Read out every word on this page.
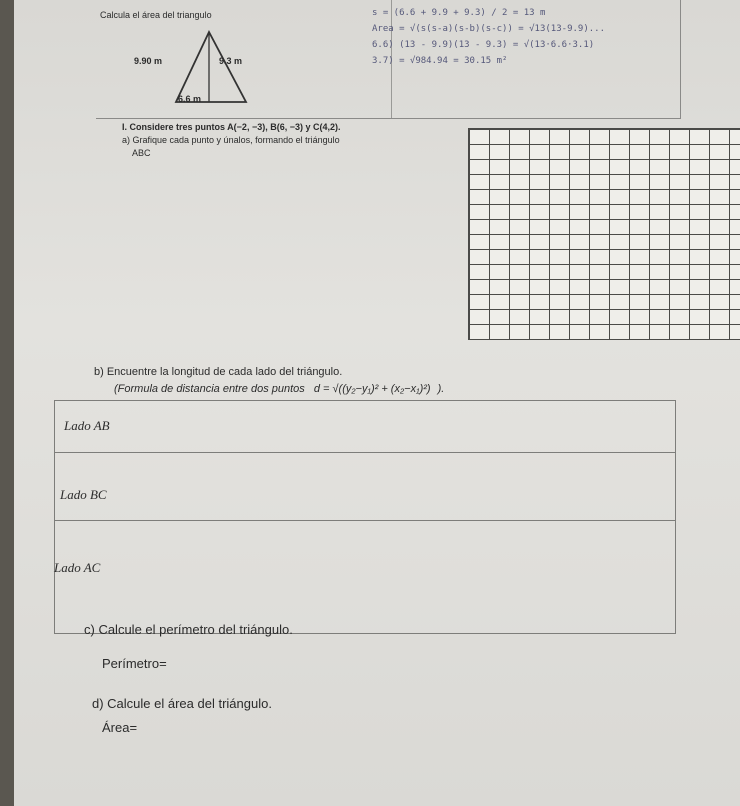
Calcula el área del triangulo
9.90 m	9.3 m
6.6 m
s = (6.6 + 9.9 + 9.3) / 2 = 13 m
Area = √(s(s-a)(s-b)(s-c)) = √13(13-9.9)...
6.6) (13 - 9.9)(13 - 9.3) = √(13·6.6·3.1)
3.7) = √984.94 = 30.15 m²
I. Considere tres puntos A(−2, −3), B(6, −3) y C(4,2).
a) Grafique cada punto y únalos, formando el triángulo
ABC
b) Encuentre la longitud de cada lado del triángulo.
(Formula de distancia entre dos puntos d = √((y₂−y₁)² + (x₂−x₁)²) ).
Lado AB
Lado BC
Lado AC
c) Calcule el perímetro del triángulo.
Perímetro=
d) Calcule el área del triángulo.
Área=
